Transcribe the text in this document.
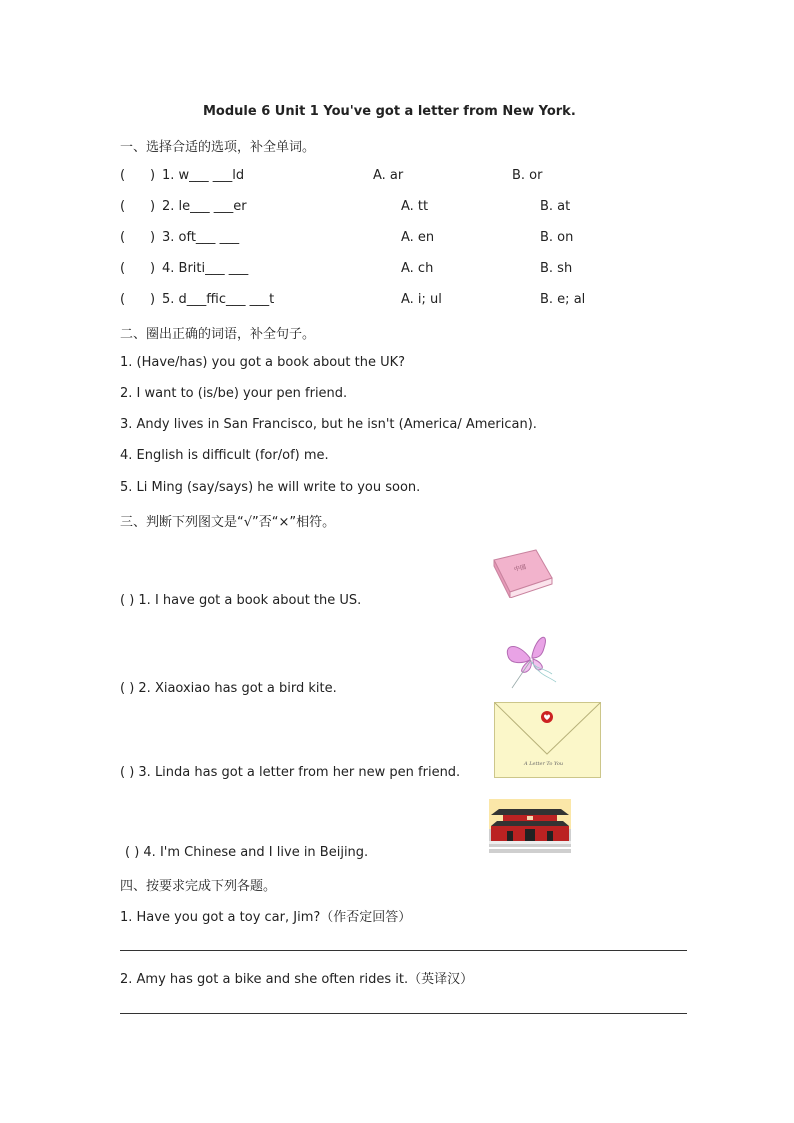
Module 6 Unit 1 You've got a letter from New York.
一、选择合适的选项，补全单词。
( ) 1. w___ ___ld	A. ar	B. or
( ) 2. le___ ___er	A. tt	B. at
( ) 3. oft___ ___	A. en	B. on
( ) 4. Briti___ ___	A. ch	B. sh
( ) 5. d___ffic___ ___t	A. i; ul	B. e; al
二、圈出正确的词语，补全句子。
1. (Have/has) you got a book about the UK?
2. I want to (is/be) your pen friend.
3. Andy lives in San Francisco, but he isn't (America/ American).
4. English is difficult (for/of) me.
5. Li Ming (say/says) he will write to you soon.
三、判断下列图文是“√”否“×”相符。
( ) 1. I have got a book about the US.
中国
( ) 2. Xiaoxiao has got a bird kite.
( ) 3. Linda has got a letter from her new pen friend.
A Letter To You
( ) 4. I'm Chinese and I live in Beijing.
四、按要求完成下列各题。
1. Have you got a toy car, Jim?（作否定回答）
2. Amy has got a bike and she often rides it.（英译汉）
